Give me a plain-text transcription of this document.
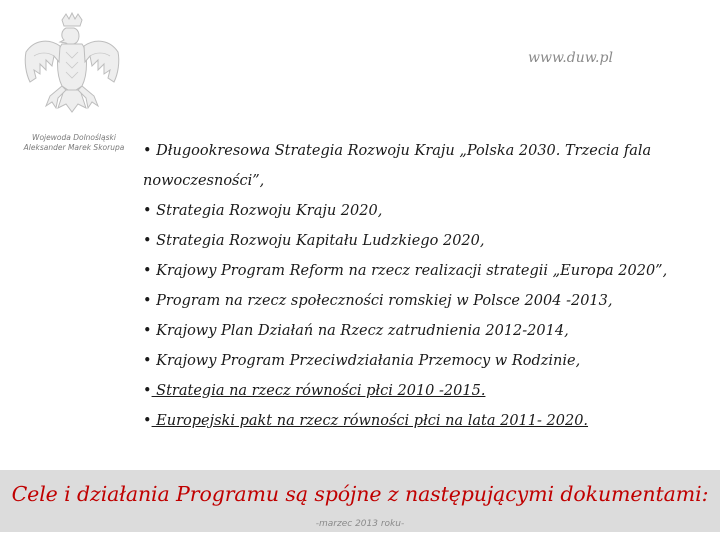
Wojewoda Dolnośląski
Aleksander Marek Skorupa
www.duw.pl
• Długookresowa Strategia Rozwoju Kraju „Polska 2030. Trzecia fala nowoczesności”,
• Strategia Rozwoju Kraju 2020,
• Strategia Rozwoju Kapitału Ludzkiego 2020,
• Krajowy Program Reform na rzecz realizacji strategii „Europa 2020”,
• Program na rzecz społeczności romskiej w Polsce 2004 -2013,
• Krajowy Plan Działań na Rzecz zatrudnienia 2012-2014,
• Krajowy Program Przeciwdziałania Przemocy w Rodzinie,
• Strategia na rzecz równości płci 2010 -2015.
• Europejski pakt na rzecz równości płci na lata 2011- 2020.
Cele i działania Programu są spójne z następującymi dokumentami:
-marzec 2013 roku-
